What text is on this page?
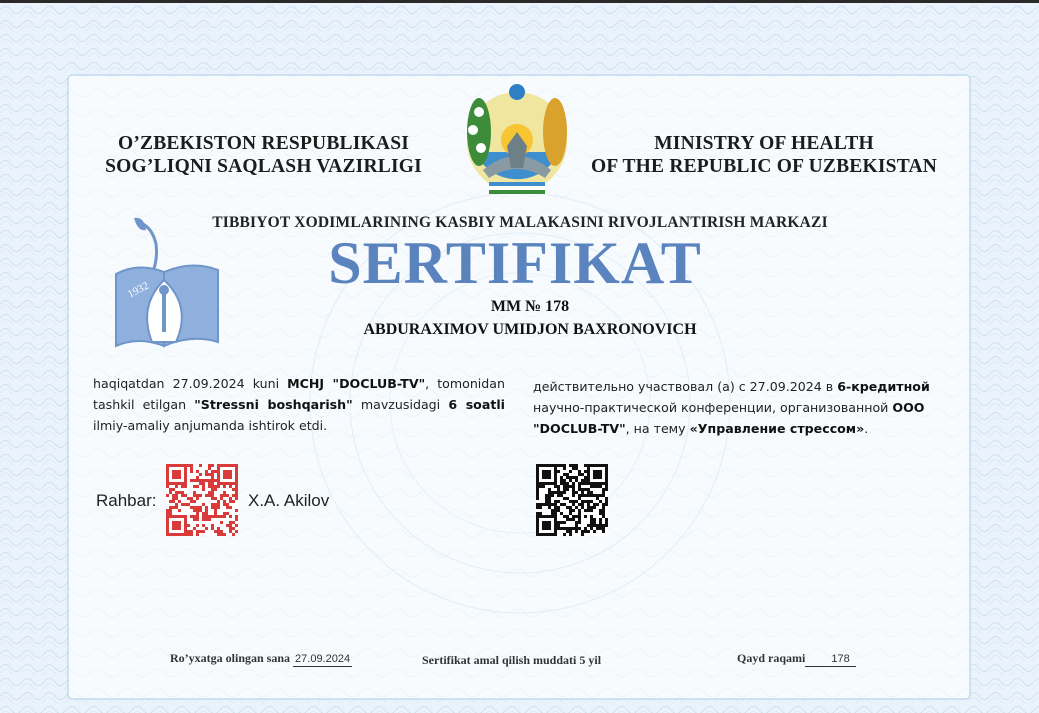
O’ZBEKISTON RESPUBLIKASI
SOG’LIQNI SAQLASH VAZIRLIGI
MINISTRY OF HEALTH
OF THE REPUBLIC OF UZBEKISTAN
TIBBIYOT XODIMLARINING KASBIY MALAKASINI RIVOJLANTIRISH MARKAZI
1932	SERTIFIKAT
MM № 178
ABDURAXIMOV UMIDJON BAXRONOVICH
haqiqatdan 27.09.2024 kuni MCHJ "DOCLUB-TV", tomonidan tashkil etilgan "Stressni boshqarish" mavzusidagi 6 soatli ilmiy-amaliy anjumanda ishtirok etdi.
действительно участвовал (а) с 27.09.2024 в 6-кредитной научно-практической конференции, организованной ООО "DOCLUB-TV", на тему «Управление стрессом».
Rahbar:	X.A. Akilov
Ro’yxatga olingan sana 27.09.2024	Sertifikat amal qilish muddati 5 yil	Qayd raqami 178
